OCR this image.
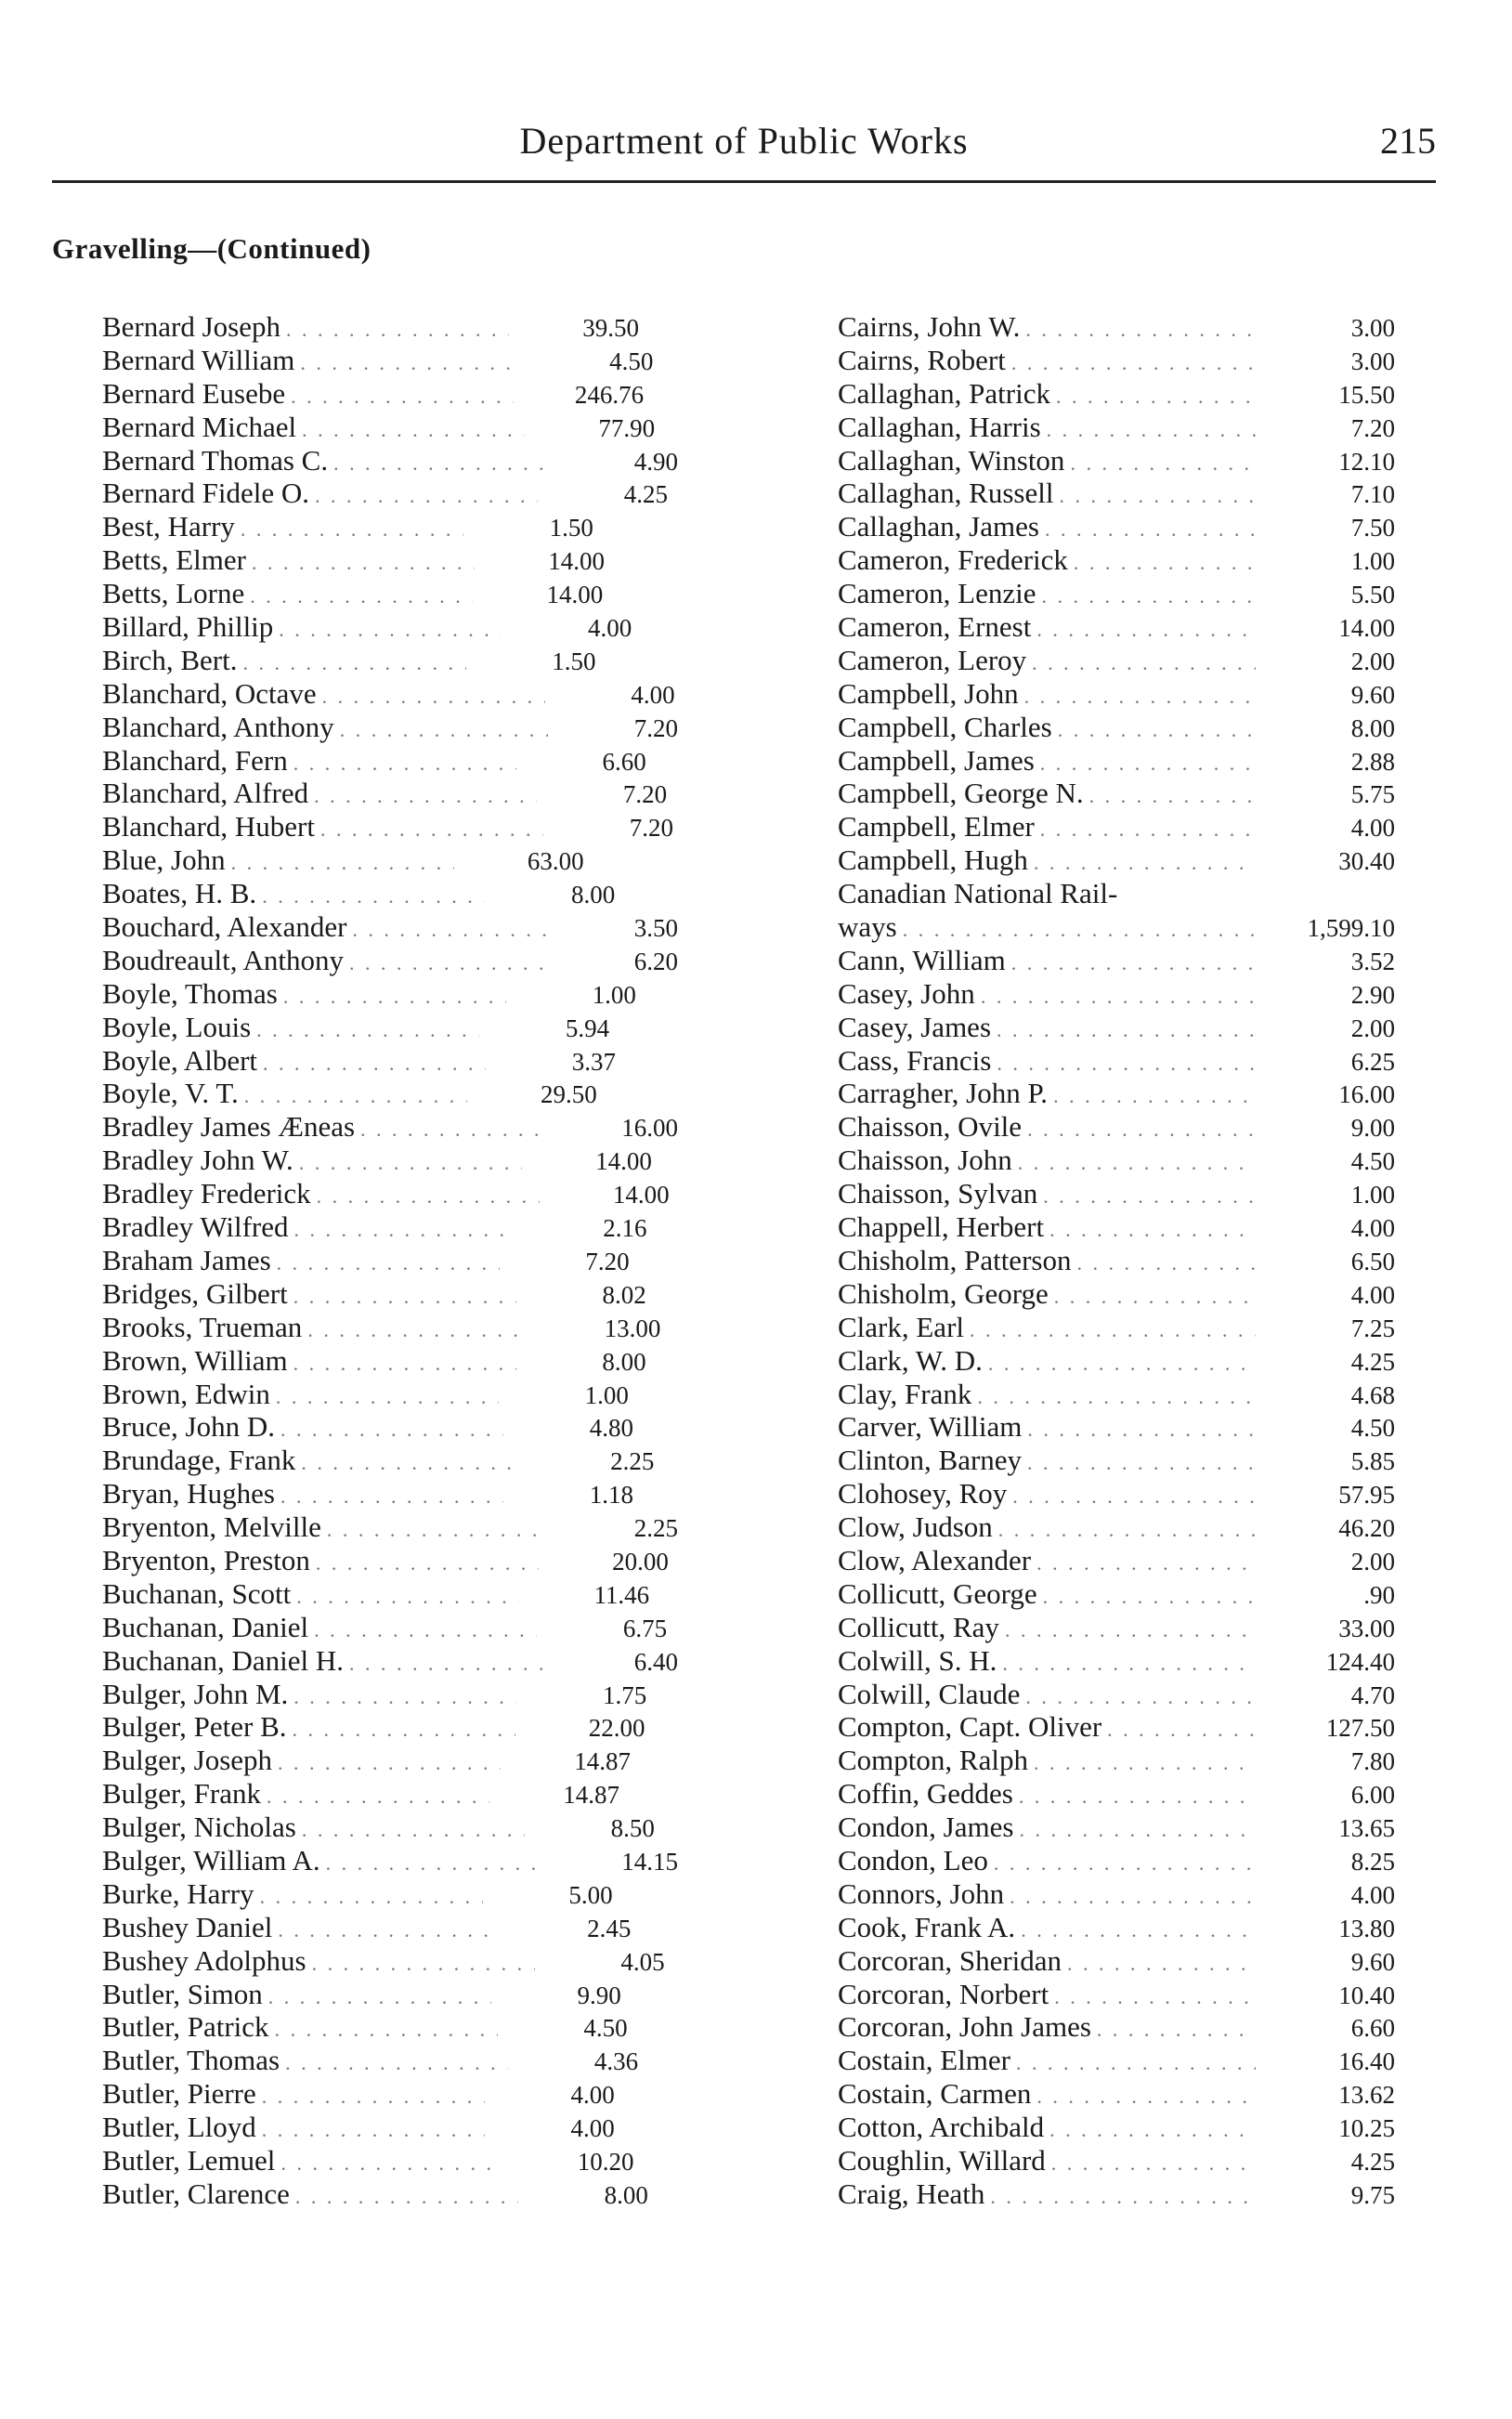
Department of Public Works	215
Gravelling—(Continued)
Bernard Joseph . . .	39.50
Bernard William . . .	4.50
Bernard Eusebe . . .	246.76
Bernard Michael . . .	77.90
Bernard Thomas C. . . .	4.90
Bernard Fidele O. . . .	4.25
Best, Harry . . .	1.50
Betts, Elmer . . .	14.00
Betts, Lorne . . .	14.00
Billard, Phillip . . .	4.00
Birch, Bert. . . .	1.50
Blanchard, Octave . . .	4.00
Blanchard, Anthony . . .	7.20
Blanchard, Fern . . .	6.60
Blanchard, Alfred . . .	7.20
Blanchard, Hubert . . .	7.20
Blue, John . . .	63.00
Boates, H. B. . . .	8.00
Bouchard, Alexander . . .	3.50
Boudreault, Anthony . . .	6.20
Boyle, Thomas . . .	1.00
Boyle, Louis . . .	5.94
Boyle, Albert . . .	3.37
Boyle, V. T. . . .	29.50
Bradley James Æneas . . .	16.00
Bradley John W. . . .	14.00
Bradley Frederick . . .	14.00
Bradley Wilfred . . .	2.16
Braham James . . .	7.20
Bridges, Gilbert . . .	8.02
Brooks, Trueman . . .	13.00
Brown, William . . .	8.00
Brown, Edwin . . .	1.00
Bruce, John D. . . .	4.80
Brundage, Frank . . .	2.25
Bryan, Hughes . . .	1.18
Bryenton, Melville . . .	2.25
Bryenton, Preston . . .	20.00
Buchanan, Scott . . .	11.46
Buchanan, Daniel . . .	6.75
Buchanan, Daniel H. . . .	6.40
Bulger, John M. . . .	1.75
Bulger, Peter B. . . .	22.00
Bulger, Joseph . . .	14.87
Bulger, Frank . . .	14.87
Bulger, Nicholas . . .	8.50
Bulger, William A. . . .	14.15
Burke, Harry . . .	5.00
Bushey Daniel . . .	2.45
Bushey Adolphus . . .	4.05
Butler, Simon . . .	9.90
Butler, Patrick . . .	4.50
Butler, Thomas . . .	4.36
Butler, Pierre . . .	4.00
Butler, Lloyd . . .	4.00
Butler, Lemuel . . .	10.20
Butler, Clarence . . .	8.00
Cairns, John W. . . .	3.00
Cairns, Robert . . .	3.00
Callaghan, Patrick . . .	15.50
Callaghan, Harris . . .	7.20
Callaghan, Winston . . .	12.10
Callaghan, Russell . . .	7.10
Callaghan, James . . .	7.50
Cameron, Frederick . . .	1.00
Cameron, Lenzie . . .	5.50
Cameron, Ernest . . .	14.00
Cameron, Leroy . . .	2.00
Campbell, John . . .	9.60
Campbell, Charles . . .	8.00
Campbell, James . . .	2.88
Campbell, George N. . . .	5.75
Campbell, Elmer . . .	4.00
Campbell, Hugh . . .	30.40
Canadian National Rail-
ways . . .	1,599.10
Cann, William . . .	3.52
Casey, John . . .	2.90
Casey, James . . .	2.00
Cass, Francis . . .	6.25
Carragher, John P. . . .	16.00
Chaisson, Ovile . . .	9.00
Chaisson, John . . .	4.50
Chaisson, Sylvan . . .	1.00
Chappell, Herbert . . .	4.00
Chisholm, Patterson . . .	6.50
Chisholm, George . . .	4.00
Clark, Earl . . .	7.25
Clark, W. D. . . .	4.25
Clay, Frank . . .	4.68
Carver, William . . .	4.50
Clinton, Barney . . .	5.85
Clohosey, Roy . . .	57.95
Clow, Judson . . .	46.20
Clow, Alexander . . .	2.00
Collicutt, George . . .	.90
Collicutt, Ray . . .	33.00
Colwill, S. H. . . .	124.40
Colwill, Claude . . .	4.70
Compton, Capt. Oliver . . .	127.50
Compton, Ralph . . .	7.80
Coffin, Geddes . . .	6.00
Condon, James . . .	13.65
Condon, Leo . . .	8.25
Connors, John . . .	4.00
Cook, Frank A. . . .	13.80
Corcoran, Sheridan . . .	9.60
Corcoran, Norbert . . .	10.40
Corcoran, John James . . .	6.60
Costain, Elmer . . .	16.40
Costain, Carmen . . .	13.62
Cotton, Archibald . . .	10.25
Coughlin, Willard . . .	4.25
Craig, Heath . . .	9.75
